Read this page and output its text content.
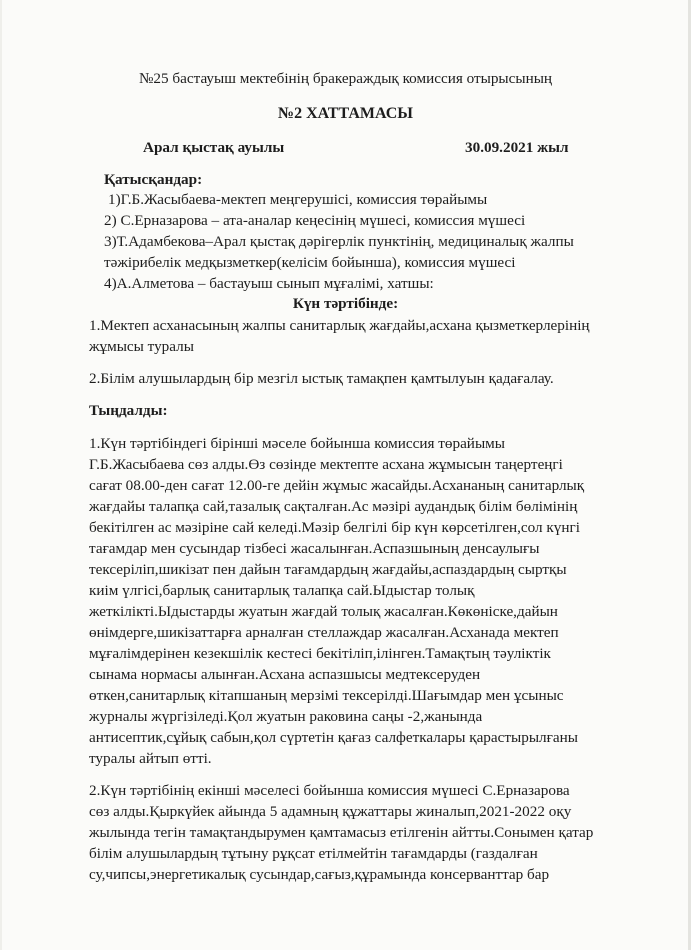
№25 бастауыш мектебінің бракераждық комиссия отырысының
№2 ХАТТАМАСЫ
Арал қыстақ ауылы	30.09.2021 жыл
Қатысқандар:
1)Г.Б.Жасыбаева-мектеп меңгерушісі, комиссия төрайымы
2) С.Ерназарова – ата-аналар кеңесінің мүшесі, комиссия мүшесі
3)Т.Адамбекова–Арал қыстақ дәрігерлік пунктінің, медициналық жалпы
тәжірибелік медқызметкер(келісім бойынша), комиссия мүшесі
4)А.Алметова – бастауыш сынып мұғалімі, хатшы:
Күн тәртібінде:
1.Мектеп асханасының жалпы санитарлық жағдайы,асхана қызметкерлерінің
жұмысы туралы
2.Білім алушылардың бір мезгіл ыстық тамақпен қамтылуын қадағалау.
Тыңдалды:
1.Күн тәртібіндегі бірінші мәселе бойынша комиссия төрайымы
Г.Б.Жасыбаева сөз алды.Өз сөзінде мектепте асхана жұмысын таңертеңгі
сағат 08.00-ден сағат 12.00-ге дейін жұмыс жасайды.Асхананың санитарлық
жағдайы талапқа сай,тазалық сақталған.Ас мәзірі аудандық білім бөлімінің
бекітілген ас мәзіріне сай келеді.Мәзір белгілі бір күн көрсетілген,сол күнгі
тағамдар мен сусындар тізбесі жасалынған.Аспазшының денсаулығы
тексеріліп,шикізат пен дайын тағамдардың жағдайы,аспаздардың сыртқы
киім үлгісі,барлық санитарлық талапқа сай.Ыдыстар толық
жеткілікті.Ыдыстарды жуатын жағдай толық жасалған.Көкөніске,дайын
өнімдерге,шикізаттарға арналған стеллаждар жасалған.Асханада мектеп
мұғалімдерінен кезекшілік кестесі бекітіліп,ілінген.Тамақтың тәуліктік
сынама нормасы алынған.Асхана аспазшысы медтексеруден
өткен,санитарлық кітапшаның мерзімі тексерілді.Шағымдар мен ұсыныс
журналы жүргізіледі.Қол жуатын раковина саңы -2,жанында
антисептик,сұйық сабын,қол сүртетін қағаз салфеткалары қарастырылғаны
туралы айтып өтті.
2.Күн тәртібінің екінші мәселесі бойынша комиссия мүшесі С.Ерназарова
сөз алды.Қыркүйек айында 5 адамның құжаттары жиналып,2021-2022 оқу
жылында тегін тамақтандырумен қамтамасыз етілгенін айтты.Сонымен қатар
білім алушылардың тұтыну рұқсат етілмейтін тағамдарды (газдалған
су,чипсы,энергетикалық сусындар,сағыз,құрамында консерванттар бар
